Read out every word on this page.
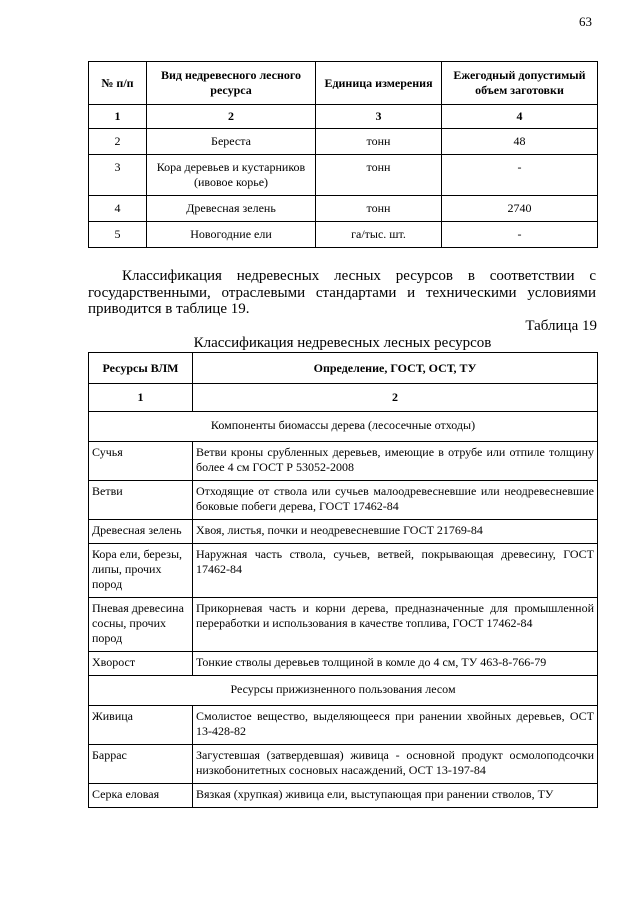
63
№ п/п	Вид недревесного лесного ресурса	Единица измерения	Ежегодный допустимый объем заготовки
1	2	3	4
2	Береста	тонн	48
3	Кора деревьев и кустарников (ивовое корье)	тонн	-
4	Древесная зелень	тонн	2740
5	Новогодние ели	га/тыс. шт.	-
Классификация недревесных лесных ресурсов в соответствии с государственными, отраслевыми стандартами и техническими условиями приводится в таблице 19.
Таблица 19
Классификация недревесных лесных ресурсов
Ресурсы ВЛМ	Определение, ГОСТ, ОСТ, ТУ
1	2
Компоненты биомассы дерева (лесосечные отходы)	
Сучья	Ветви кроны срубленных деревьев, имеющие в отрубе или отпиле толщину более 4 см ГОСТ Р 53052-2008
Ветви	Отходящие от ствола или сучьев малоодревесневшие или неодревесневшие боковые побеги дерева, ГОСТ 17462-84
Древесная зелень	Хвоя, листья, почки и неодревесневшие ГОСТ 21769-84
Кора ели, березы, липы, прочих пород	Наружная часть ствола, сучьев, ветвей, покрывающая древесину, ГОСТ 17462-84
Пневая древесина сосны, прочих пород	Прикорневая часть и корни дерева, предназначенные для промышленной переработки и использования в качестве топлива, ГОСТ 17462-84
Хворост	Тонкие стволы деревьев толщиной в комле до 4 см, ТУ 463-8-766-79
Ресурсы прижизненного пользования лесом	
Живица	Смолистое вещество, выделяющееся при ранении хвойных деревьев, ОСТ 13-428-82
Баррас	Загустевшая (затвердевшая) живица - основной продукт осмолоподсочки низкобонитетных сосновых насаждений, ОСТ 13-197-84
Серка еловая	Вязкая (хрупкая) живица ели, выступающая при ранении стволов, ТУ
